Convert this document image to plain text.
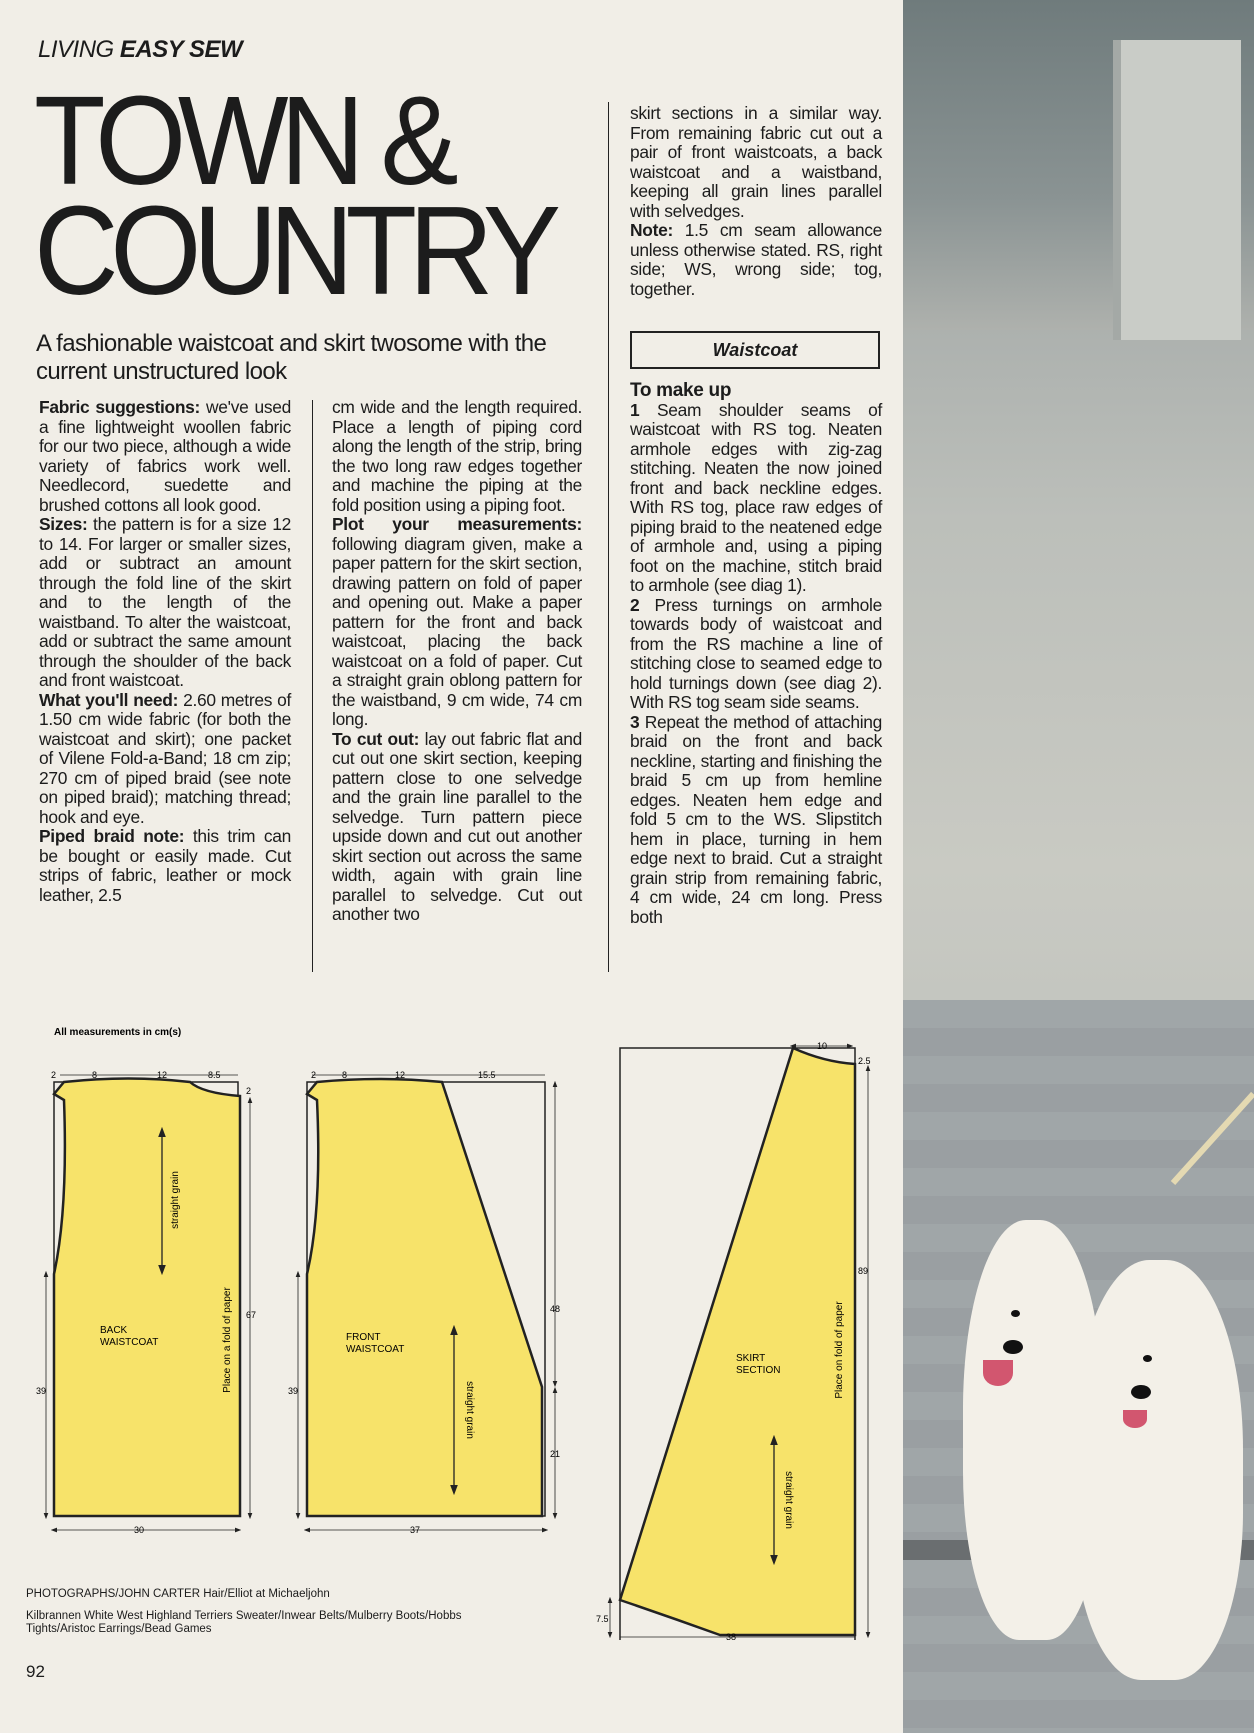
LIVING EASY SEW
TOWN &
COUNTRY
A fashionable waistcoat and skirt twosome with the current unstructured look

Fabric suggestions: we've used a fine lightweight woollen fabric for our two piece, although a wide variety of fabrics work well. Needlecord, suedette and brushed cottons all look good.

Sizes: the pattern is for a size 12 to 14. For larger or smaller sizes, add or subtract an amount through the fold line of the skirt and to the length of the waistband. To alter the waistcoat, add or subtract the same amount through the shoulder of the back and front waistcoat.

What you'll need: 2.60 metres of 1.50 cm wide fabric (for both the waistcoat and skirt); one packet of Vilene Fold-a-Band; 18 cm zip; 270 cm of piped braid (see note on piped braid); matching thread; hook and eye.

Piped braid note: this trim can be bought or easily made. Cut strips of fabric, leather or mock leather, 2.5

cm wide and the length required. Place a length of piping cord along the length of the strip, bring the two long raw edges together and machine the piping at the fold position using a piping foot.

Plot your measurements: following diagram given, make a paper pattern for the skirt section, drawing pattern on fold of paper and opening out. Make a paper pattern for the front and back waistcoat, placing the back waistcoat on a fold of paper. Cut a straight grain oblong pattern for the waistband, 9 cm wide, 74 cm long.

To cut out: lay out fabric flat and cut out one skirt section, keeping pattern close to one selvedge and the grain line parallel to the selvedge. Turn pattern piece upside down and cut out another skirt section out across the same width, again with grain line parallel to selvedge. Cut out another two

skirt sections in a similar way. From remaining fabric cut out a pair of front waistcoats, a back waistcoat and a waistband, keeping all grain lines parallel with selvedges.

Note: 1.5 cm seam allowance unless otherwise stated. RS, right side; WS, wrong side; tog, together.

Waistcoat

To make up

1 Seam shoulder seams of waistcoat with RS tog. Neaten armhole edges with zig-zag stitching. Neaten the now joined front and back neckline edges. With RS tog, place raw edges of piping braid to the neatened edge of armhole and, using a piping foot on the machine, stitch braid to armhole (see diag 1).

2 Press turnings on armhole towards body of waistcoat and from the RS machine a line of stitching close to seamed edge to hold turnings down (see diag 2). With RS tog seam side seams.

3 Repeat the method of attaching braid on the front and back neckline, starting and finishing the braid 5 cm up from hemline edges. Neaten hem edge and fold 5 cm to the WS. Slipstitch hem in place, turning in hem edge next to braid. Cut a straight grain strip from remaining fabric, 4 cm wide, 24 cm long. Press both

All measurements in cm(s)
straight grain
Place on a fold of paper
BACK
WAISTCOAT
2	8	12	8.5
2
67
39
30
straight grain
FRONT
WAISTCOAT
2	8	12	15.5
48
21
39
37
straight grain
Place on fold of paper
SKIRT
SECTION
10
2.5
89
7.5
38
PHOTOGRAPHS/JOHN CARTER Hair/Elliot at Michaeljohn
Kilbrannen White West Highland Terriers Sweater/Inwear Belts/Mulberry Boots/Hobbs
Tights/Aristoc Earrings/Bead Games
92
